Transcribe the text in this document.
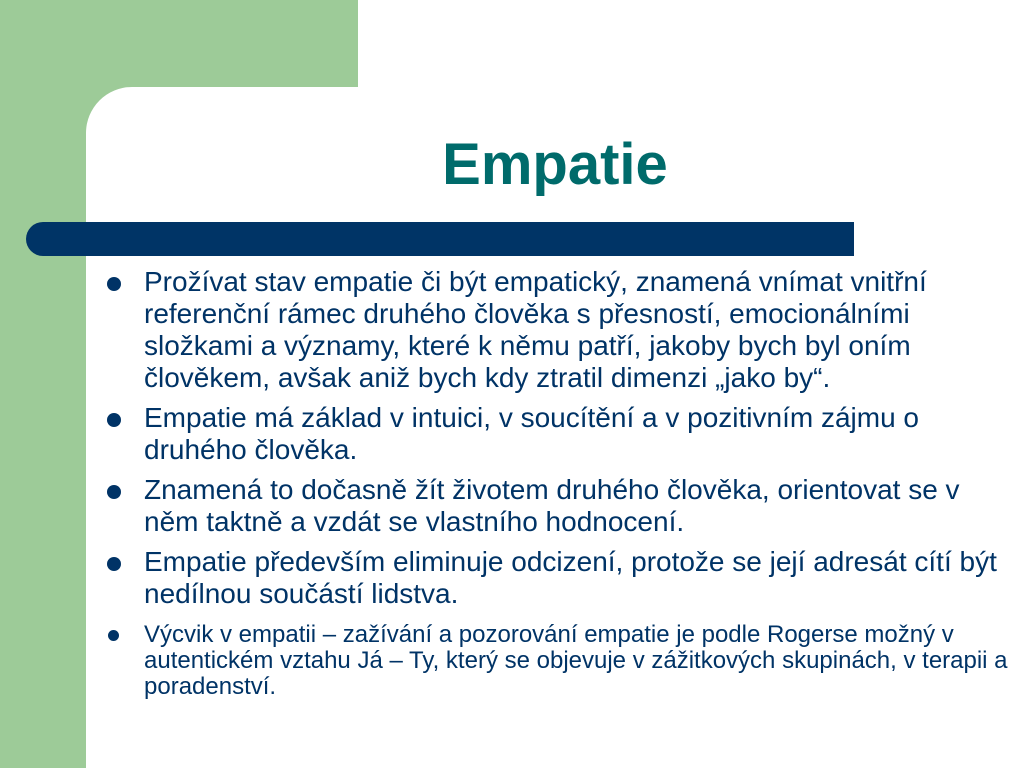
Empatie
Prožívat stav empatie či být empatický, znamená vnímat vnitřní referenční rámec druhého člověka s přesností, emocionálními složkami a významy, které k němu patří, jakoby bych byl oním člověkem, avšak aniž bych kdy ztratil dimenzi „jako by“.
Empatie má základ v intuici, v soucítění a v pozitivním zájmu o druhého člověka.
Znamená to dočasně žít životem druhého člověka, orientovat se v něm taktně a vzdát se vlastního hodnocení.
Empatie především eliminuje odcizení, protože se její adresát cítí být nedílnou součástí lidstva.
Výcvik v empatii – zažívání a pozorování empatie je podle Rogerse možný v autentickém vztahu Já – Ty, který se objevuje v zážitkových skupinách, v terapii a poradenství.
